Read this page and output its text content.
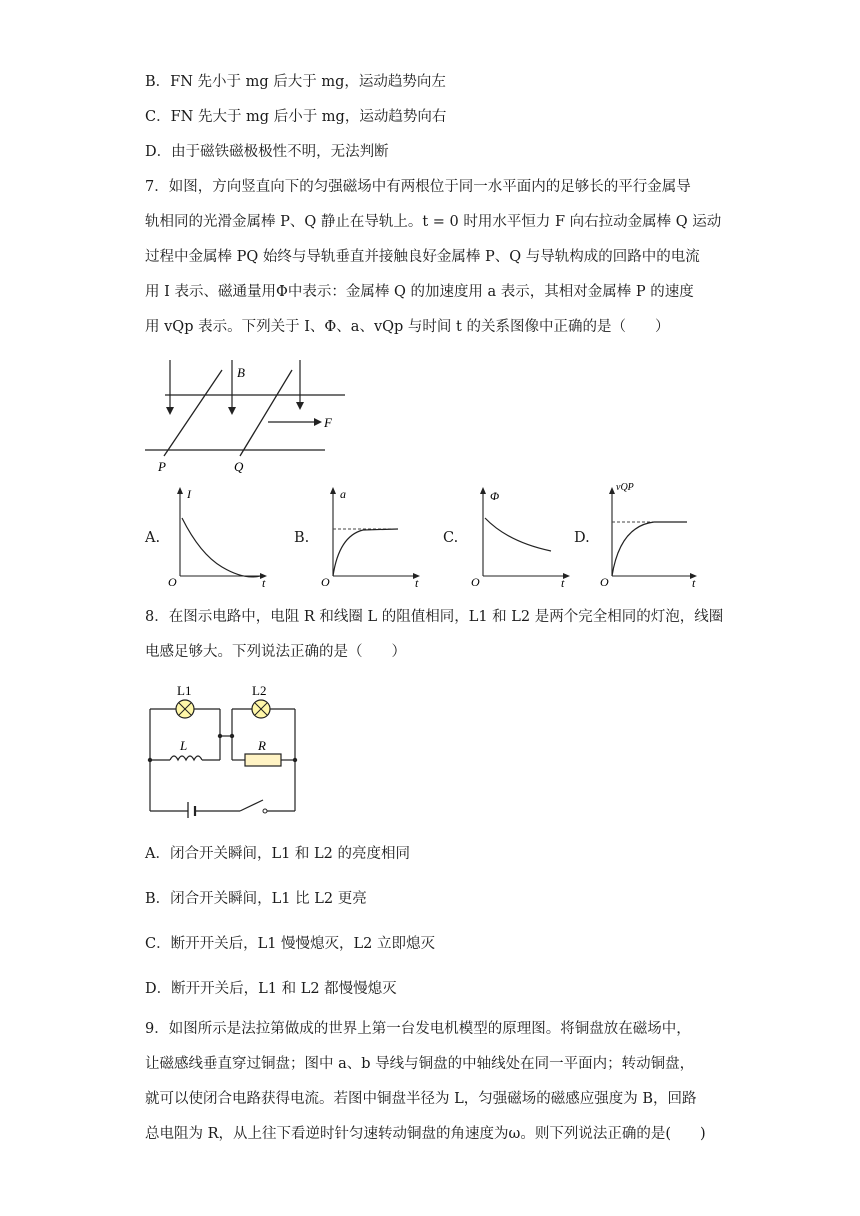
B．FN 先小于 mg 后大于 mg，运动趋势向左
C．FN 先大于 mg 后小于 mg，运动趋势向右
D．由于磁铁磁极极性不明，无法判断
7．如图，方向竖直向下的匀强磁场中有两根位于同一水平面内的足够长的平行金属导
轨相同的光滑金属棒 P、Q 静止在导轨上。t = 0 时用水平恒力 F 向右拉动金属棒 Q 运动
过程中金属棒 PQ 始终与导轨垂直并接触良好金属棒 P、Q 与导轨构成的回路中的电流
用 I 表示、磁通量用Φ中表示：金属棒 Q 的加速度用 a 表示，其相对金属棒 P 的速度
用 vQp 表示。下列关于 I、Φ、a、vQp 与时间 t 的关系图像中正确的是（　　）
B
F
P	Q
A.
I
t
O
B.
a
t
O
C.
Φ
t
O
D.
vQP
t
O
8．在图示电路中，电阻 R 和线圈 L 的阻值相同，L1 和 L2 是两个完全相同的灯泡，线圈
电感足够大。下列说法正确的是（　　）
L1	L2
L	R
A．闭合开关瞬间，L1 和 L2 的亮度相同
B．闭合开关瞬间，L1 比 L2 更亮
C．断开开关后，L1 慢慢熄灭，L2 立即熄灭
D．断开开关后，L1 和 L2 都慢慢熄灭
9．如图所示是法拉第做成的世界上第一台发电机模型的原理图。将铜盘放在磁场中，
让磁感线垂直穿过铜盘；图中 a、b 导线与铜盘的中轴线处在同一平面内；转动铜盘，
就可以使闭合电路获得电流。若图中铜盘半径为 L，匀强磁场的磁感应强度为 B，回路
总电阻为 R，从上往下看逆时针匀速转动铜盘的角速度为ω。则下列说法正确的是(　　)
